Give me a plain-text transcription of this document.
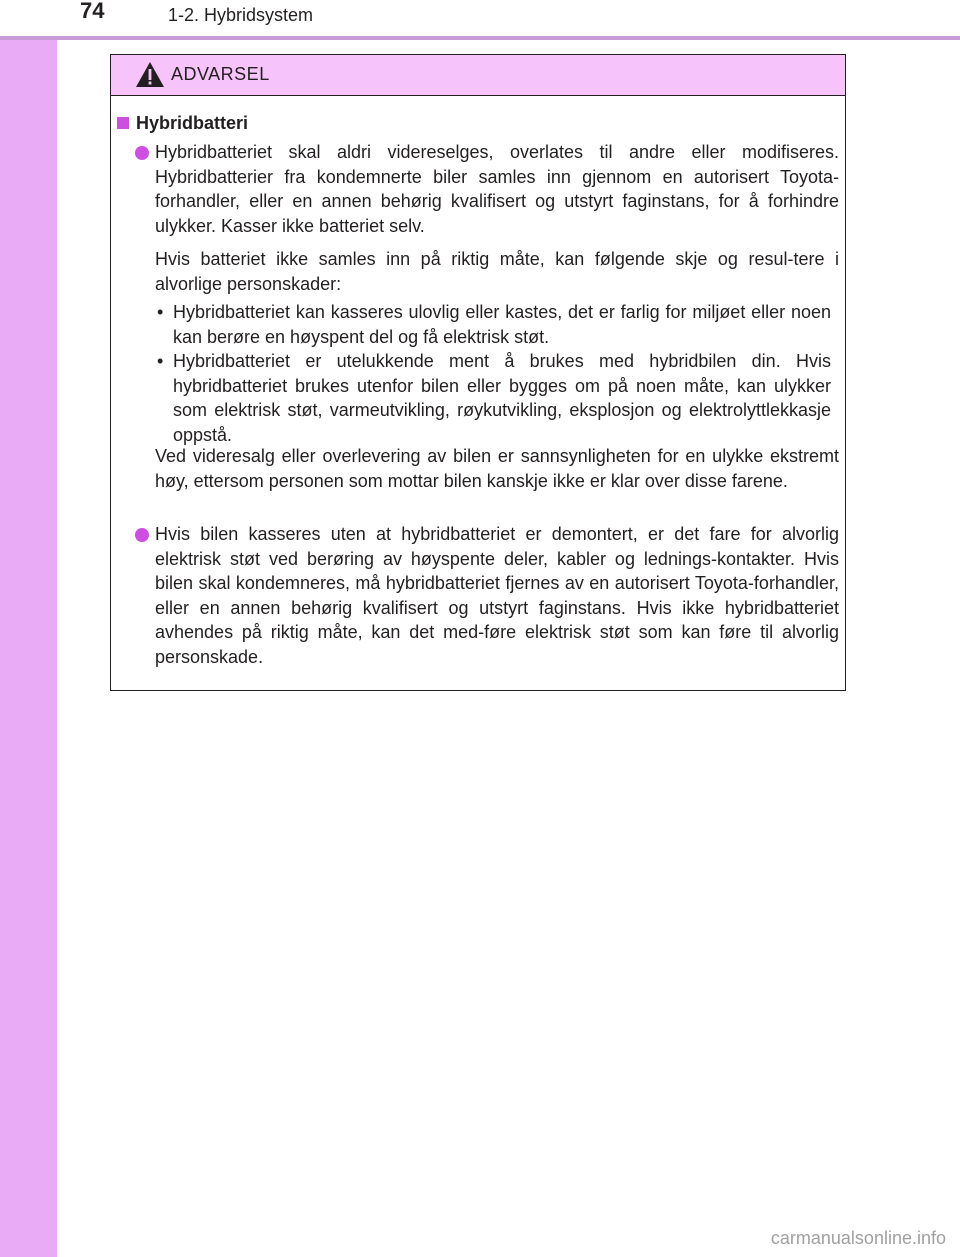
74	1-2. Hybridsystem
ADVARSEL
Hybridbatteri

Hybridbatteriet skal aldri videreselges, overlates til andre eller modifiseres. Hybridbatterier fra kondemnerte biler samles inn gjennom en autorisert Toyota-forhandler, eller en annen behørig kvalifisert og utstyrt faginstans, for å forhindre ulykker. Kasser ikke batteriet selv.

Hvis batteriet ikke samles inn på riktig måte, kan følgende skje og resul-tere i alvorlige personskader:

• Hybridbatteriet kan kasseres ulovlig eller kastes, det er farlig for miljøet eller noen kan berøre en høyspent del og få elektrisk støt.
• Hybridbatteriet er utelukkende ment å brukes med hybridbilen din. Hvis hybridbatteriet brukes utenfor bilen eller bygges om på noen måte, kan ulykker som elektrisk støt, varmeutvikling, røykutvikling, eksplosjon og elektrolyttlekkasje oppstå.

Ved videresalg eller overlevering av bilen er sannsynligheten for en ulykke ekstremt høy, ettersom personen som mottar bilen kanskje ikke er klar over disse farene.

Hvis bilen kasseres uten at hybridbatteriet er demontert, er det fare for alvorlig elektrisk støt ved berøring av høyspente deler, kabler og lednings-kontakter. Hvis bilen skal kondemneres, må hybridbatteriet fjernes av en autorisert Toyota-forhandler, eller en annen behørig kvalifisert og utstyrt faginstans. Hvis ikke hybridbatteriet avhendes på riktig måte, kan det med-føre elektrisk støt som kan føre til alvorlig personskade.

carmanualsonline.info
